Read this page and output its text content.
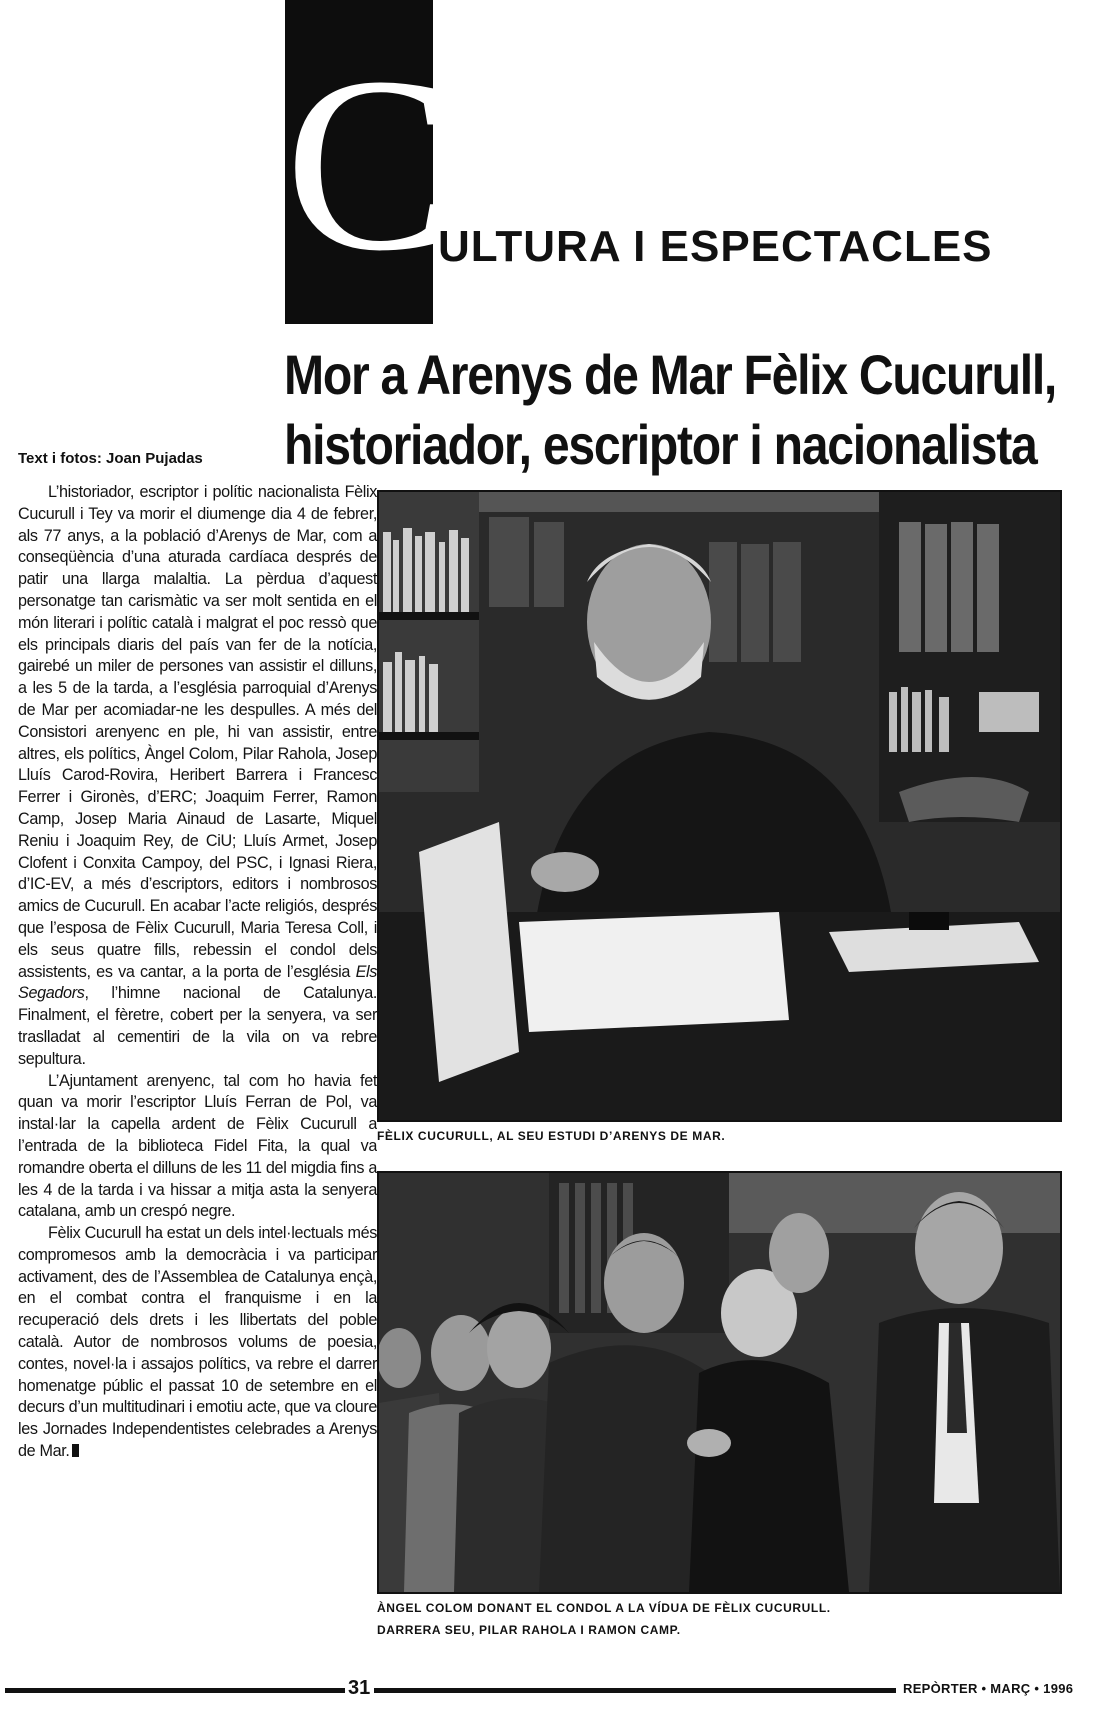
C
ULTURA I ESPECTACLES
Mor a Arenys de Mar Fèlix Cucurull,
historiador, escriptor i nacionalista
Text i fotos: Joan Pujadas

L’historiador, escriptor i polític nacionalista Fèlix Cucurull i Tey va morir el diumenge dia 4 de febrer, als 77 anys, a la població d’Arenys de Mar, com a conseqüència d’una aturada cardíaca després de patir una llarga malaltia. La pèrdua d’aquest personatge tan carismàtic va ser molt sentida en el món literari i polític català i malgrat el poc ressò que els principals diaris del país van fer de la notícia, gairebé un miler de persones van assistir el dilluns, a les 5 de la tarda, a l’església parroquial d’Arenys de Mar per acomiadar-ne les despulles. A més del Consistori arenyenc en ple, hi van assistir, entre altres, els polítics, Àngel Colom, Pilar Rahola, Josep Lluís Carod-Rovira, Heribert Barrera i Francesc Ferrer i Gironès, d’ERC; Joaquim Ferrer, Ramon Camp, Josep Maria Ainaud de Lasarte, Miquel Reniu i Joaquim Rey, de CiU; Lluís Armet, Josep Clofent i Conxita Campoy, del PSC, i Ignasi Riera, d’IC-EV, a més d’escriptors, editors i nombrosos amics de Cucurull. En acabar l’acte religiós, després que l’esposa de Fèlix Cucurull, Maria Teresa Coll, i els seus quatre fills, rebessin el condol dels assistents, es va cantar, a la porta de l’església Els Segadors, l’himne nacional de Catalunya. Finalment, el fèretre, cobert per la senyera, va ser traslladat al cementiri de la vila on va rebre sepultura.

L’Ajuntament arenyenc, tal com ho havia fet quan va morir l’escriptor Lluís Ferran de Pol, va instal·lar la capella ardent de Fèlix Cucurull a l’entrada de la biblioteca Fidel Fita, la qual va romandre oberta el dilluns de les 11 del migdia fins a les 4 de la tarda i va hissar a mitja asta la senyera catalana, amb un crespó negre.

Fèlix Cucurull ha estat un dels intel·lectuals més compromesos amb la democràcia i va participar activament, des de l’Assemblea de Catalunya ençà, en el combat contra el franquisme i en la recuperació dels drets i les llibertats del poble català. Autor de nombrosos volums de poesia, contes, novel·la i assajos polítics, va rebre el darrer homenatge públic el passat 10 de setembre en el decurs d’un multitudinari i emotiu acte, que va cloure les Jornades Independentistes celebrades a Arenys de Mar.

FÈLIX CUCURULL, AL SEU ESTUDI D’ARENYS DE MAR.
ÀNGEL COLOM DONANT EL CONDOL A LA VÍDUA DE FÈLIX CUCURULL.
DARRERA SEU, PILAR RAHOLA I RAMON CAMP.
31	REPÒRTER • MARÇ • 1996
